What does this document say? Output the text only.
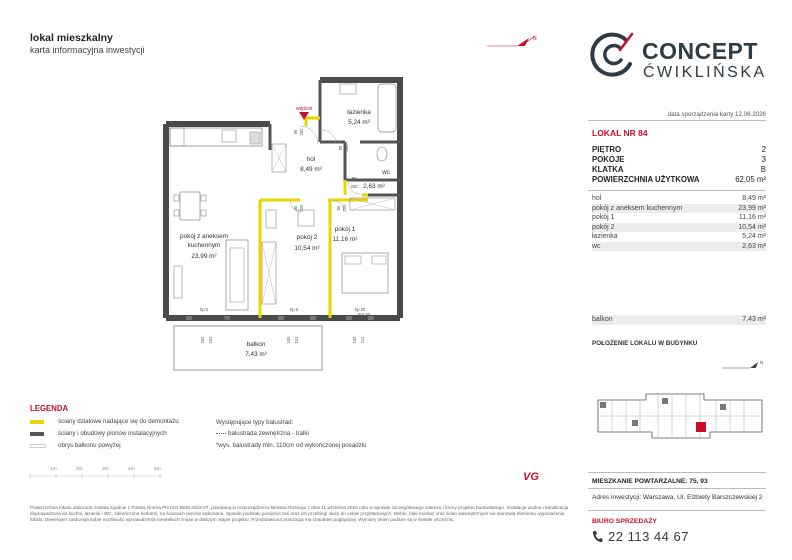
lokal mieszkalny
karta informacyjna inwestycji
N	CONCEPT
ĆWIKLIŃSKA
wejście	łazienka
5,24 m²
hol
8,49 m²	wc
2,63 m²
pokój z aneksem
kuchennym
23,99 m²
pokój 2
10,54 m²
pokój 1
11,16 m²
balkon
7,43 m²
90 200
80 200
80
200
80 200	80 200
hp 0	hp 0	hp 20
FIX 80
P/W
200 241	100 241	100 211
data sporządzenia karty 12.06.2026
LOKAL NR 84
PIĘTRO	2
POKOJE	3
KLATKA	B
POWIERZCHNIA UŻYTKOWA	62,05 m²
hol	8,49 m²
pokój z aneksem kuchennym	23,99 m²
pokój 1	11,16 m²
pokój 2	10,54 m²
łazienka	5,24 m²
wc	2,63 m²
balkon	7,43 m²
POŁOŻENIE LOKALU W BUDYNKU
N
MIESZKANIE POWTARZALNE: 75, 93
Adres inwestycji: Warszawa, Ul. Elżbiety Barszczewskiej 2
BIURO SPRZEDAŻY
22 113 44 67
LEGENDA
ściany działowe nadające się do demontażu
ściany i obudowy pionów instalacyjnych
obrys balkonu powyżej
Występujące typy balustrad:
balustrada zewnętrzna - tralki
*wys. balustrady min. 110cm od wykończonej posadzki
1m	2m	3m	4m	5m
VG
Powierzchnia lokalu obliczona zostala zgodnie z Polską Normą PN-ISO 9836:2022-07, powołaną w rozporządzeniu Ministra Rozwoju z dnia 11 września 2020 roku w sprawie szczegółowego zakresu i formy projektu budowlanego. Instalacja wodna i kanalizacja doprowadzona do kuchni, łazienki i WC, zakończona korkami, na ścianach pionów wykonana. Sposób podziału pomieszczeń oraz ich przebiegi służy do celów przykładowych. Meble, haki montaż oraz ścian wewnętrznych nie stanowią elementu wyposażenia lokalu. Deweloper zastrzega sobie możliwość wprowadzenia niewielkich zmian w dalszym etapie projektu. Przedstawiona aranżacja ma charakter poglądowy. Wymiary okien podane są w świetle ościeżnic.
